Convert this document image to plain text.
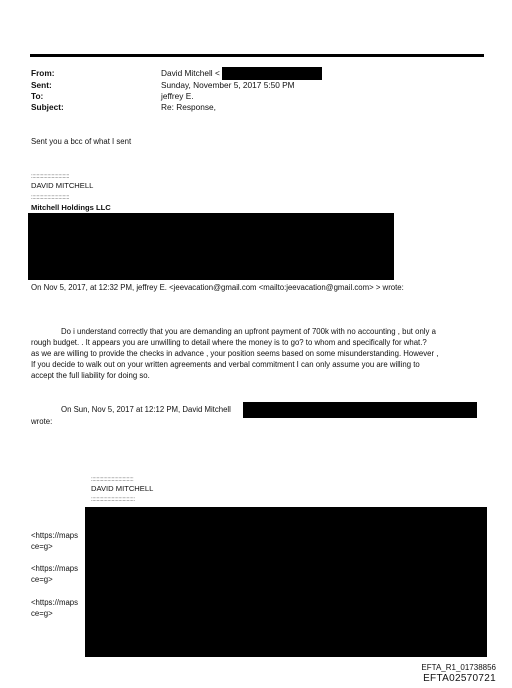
From:	David Mitchell <
Sent:	Sunday, November 5, 2017 5:50 PM
To:	jeffrey E.
Subject:	Re: Response,
Sent you a bcc of what I sent
::::::::::::::::::::::::::::
DAVID MITCHELL
::::::::::::::::::::::::::::
Mitchell Holdings LLC
On Nov 5, 2017, at 12:32 PM, jeffrey E. <jeevacation@gmail.com <mailto:jeevacation@gmail.com> > wrote:
Do i understand correctly that you are demanding an upfront payment of 700k with no accounting , but only a
rough budget. . It appears you are unwilling to detail where the money is to go? to whom and specifically for what.?
as we are willing to provide the checks in advance , your position seems based on some misunderstanding. However ,
If you decide to walk out on your written agreements and verbal commitment I can only assume you are willing to
accept the full liability for doing so.
On Sun, Nov 5, 2017 at 12:12 PM, David Mitchell
wrote:
:::::::::::::::::::::::::::::::
DAVID MITCHELL
::::::::::::::::::::::::::::::::
<https://maps
ce=g>
<https://maps
ce=g>
<https://maps
ce=g>
EFTA_R1_01738856
EFTA02570721
